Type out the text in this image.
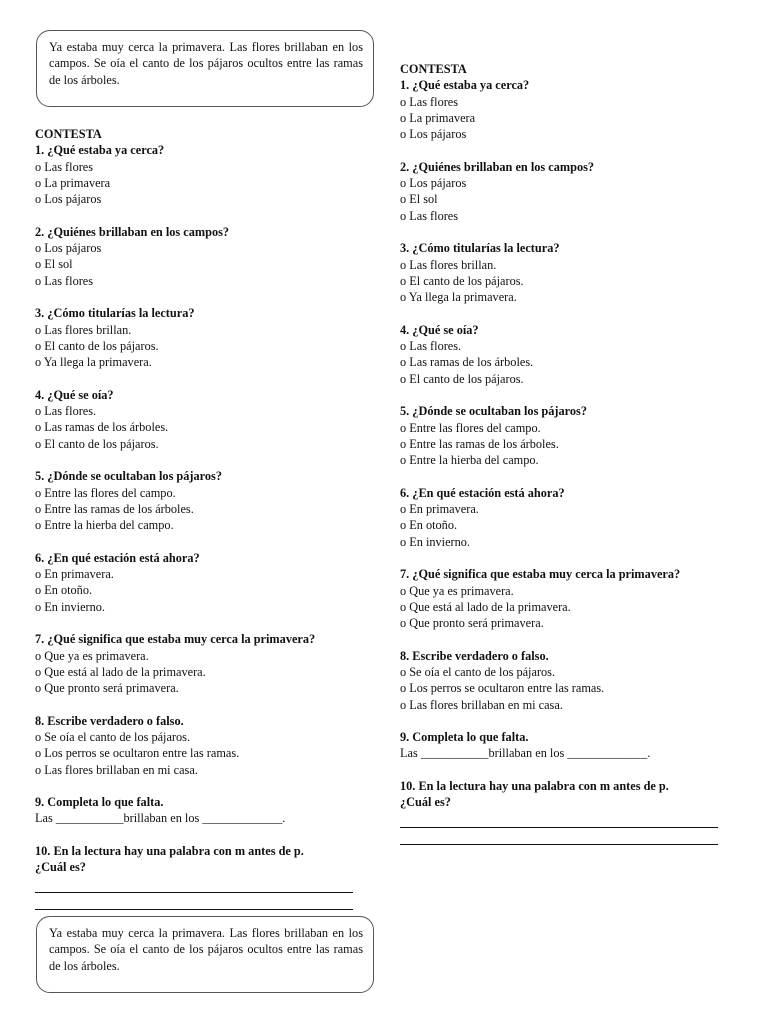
Ya estaba muy cerca la primavera. Las flores brillaban en los campos. Se oía el canto de los pájaros ocultos entre las ramas de los árboles.
CONTESTA
1. ¿Qué estaba ya cerca?
o Las flores
o La primavera
o Los pájaros
2. ¿Quiénes brillaban en los campos?
o Los pájaros
o El sol
o Las flores
3. ¿Cómo titularías la lectura?
o Las flores brillan.
o El canto de los pájaros.
o Ya llega la primavera.
4. ¿Qué se oía?
o Las flores.
o Las ramas de los árboles.
o El canto de los pájaros.
5. ¿Dónde se ocultaban los pájaros?
o Entre las flores del campo.
o Entre las ramas de los árboles.
o Entre la hierba del campo.
6. ¿En qué estación está ahora?
o En primavera.
o En otoño.
o En invierno.
7. ¿Qué significa que estaba muy cerca la primavera?
o Que ya es primavera.
o Que está al lado de la primavera.
o Que pronto será primavera.
8. Escribe verdadero o falso.
o Se oía el canto de los pájaros.
o Los perros se ocultaron entre las ramas.
o Las flores brillaban en mi casa.
9. Completa lo que falta.
Las ___________brillaban en los _____________.
10. En la lectura hay una palabra con m antes de p.
¿Cuál es?
CONTESTA
1. ¿Qué estaba ya cerca?
o Las flores
o La primavera
o Los pájaros
2. ¿Quiénes brillaban en los campos?
o Los pájaros
o El sol
o Las flores
3. ¿Cómo titularías la lectura?
o Las flores brillan.
o El canto de los pájaros.
o Ya llega la primavera.
4. ¿Qué se oía?
o Las flores.
o Las ramas de los árboles.
o El canto de los pájaros.
5. ¿Dónde se ocultaban los pájaros?
o Entre las flores del campo.
o Entre las ramas de los árboles.
o Entre la hierba del campo.
6. ¿En qué estación está ahora?
o En primavera.
o En otoño.
o En invierno.
7. ¿Qué significa que estaba muy cerca la primavera?
o Que ya es primavera.
o Que está al lado de la primavera.
o Que pronto será primavera.
8. Escribe verdadero o falso.
o Se oía el canto de los pájaros.
o Los perros se ocultaron entre las ramas.
o Las flores brillaban en mi casa.
9. Completa lo que falta.
Las ___________brillaban en los _____________.
10. En la lectura hay una palabra con m antes de p.
¿Cuál es?
Ya estaba muy cerca la primavera. Las flores brillaban en los campos. Se oía el canto de los pájaros ocultos entre las ramas de los árboles.
